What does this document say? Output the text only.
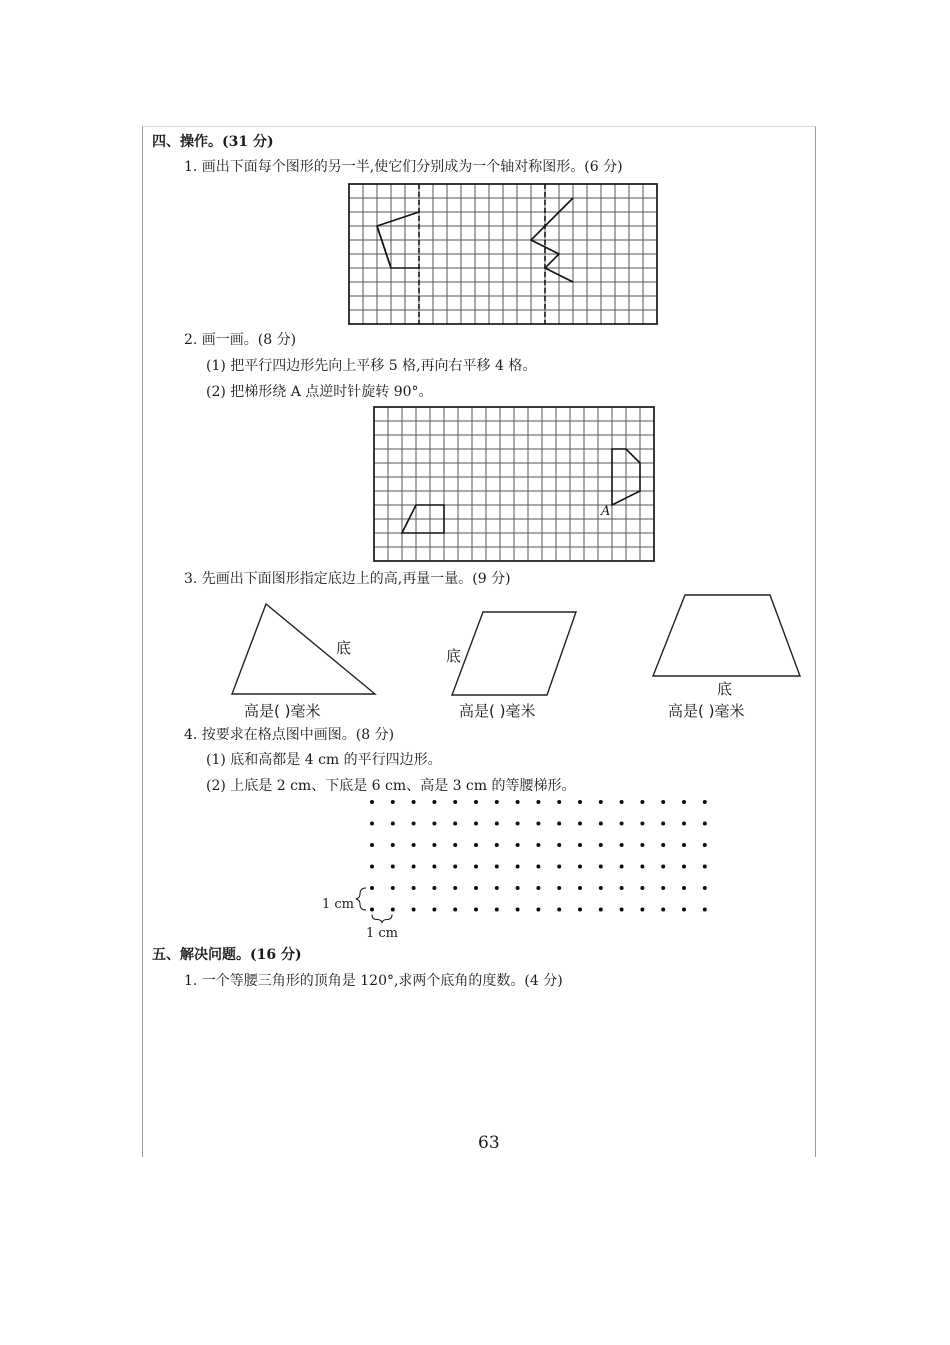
四、操作。(31 分)
1. 画出下面每个图形的另一半,使它们分别成为一个轴对称图形。(6 分)
2. 画一画。(8 分)
(1) 把平行四边形先向上平移 5 格,再向右平移 4 格。
(2) 把梯形绕 A 点逆时针旋转 90°。
A
3. 先画出下面图形指定底边上的高,再量一量。(9 分)
底	底
底
高是( )毫米	高是( )毫米	高是( )毫米
4. 按要求在格点图中画图。(8 分)
(1) 底和高都是 4 cm 的平行四边形。
(2) 上底是 2 cm、下底是 6 cm、高是 3 cm 的等腰梯形。
1 cm
1 cm
五、解决问题。(16 分)
1. 一个等腰三角形的顶角是 120°,求两个底角的度数。(4 分)
63
